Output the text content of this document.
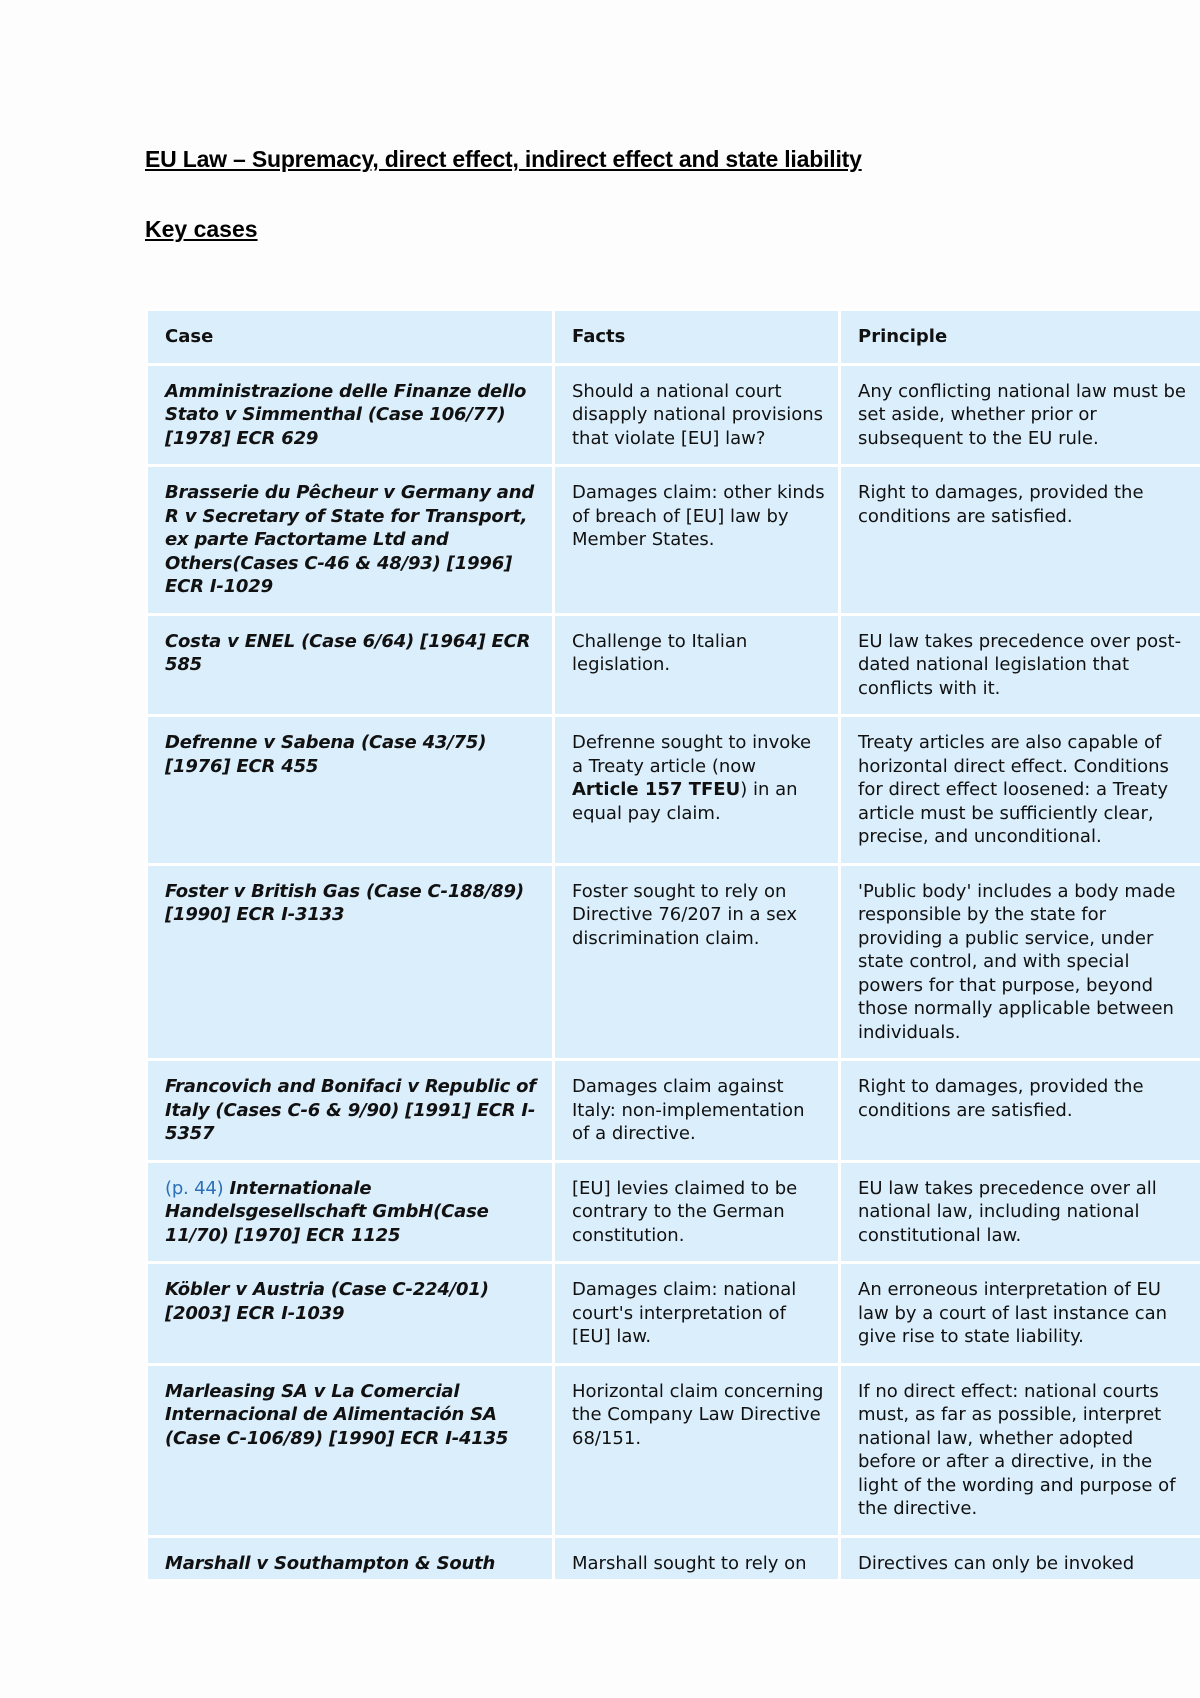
EU Law – Supremacy, direct effect, indirect effect and state liability
Key cases
Case	Facts	Principle
Amministrazione delle Finanze dello Stato v Simmenthal (Case 106/77) [1978] ECR 629	Should a national court disapply national provisions that violate [EU] law?	Any conflicting national law must be set aside, whether prior or subsequent to the EU rule.
Brasserie du Pêcheur v Germany and R v Secretary of State for Transport, ex parte Factortame Ltd and Others(Cases C-46 & 48/93) [1996] ECR I-1029	Damages claim: other kinds of breach of [EU] law by Member States.	Right to damages, provided the conditions are satisfied.
Costa v ENEL (Case 6/64) [1964] ECR 585	Challenge to Italian legislation.	EU law takes precedence over post-dated national legislation that conflicts with it.
Defrenne v Sabena (Case 43/75) [1976] ECR 455	Defrenne sought to invoke a Treaty article (now Article 157 TFEU) in an equal pay claim.	Treaty articles are also capable of horizontal direct effect. Conditions for direct effect loosened: a Treaty article must be sufficiently clear, precise, and unconditional.
Foster v British Gas (Case C-188/89) [1990] ECR I-3133	Foster sought to rely on Directive 76/207 in a sex discrimination claim.	'Public body' includes a body made responsible by the state for providing a public service, under state control, and with special powers for that purpose, beyond those normally applicable between individuals.
Francovich and Bonifaci v Republic of Italy (Cases C-6 & 9/90) [1991] ECR I-5357	Damages claim against Italy: non-implementation of a directive.	Right to damages, provided the conditions are satisfied.
(p. 44) Internationale Handelsgesellschaft GmbH(Case 11/70) [1970] ECR 1125	[EU] levies claimed to be contrary to the German constitution.	EU law takes precedence over all national law, including national constitutional law.
Köbler v Austria (Case C-224/01) [2003] ECR I-1039	Damages claim: national court's interpretation of [EU] law.	An erroneous interpretation of EU law by a court of last instance can give rise to state liability.
Marleasing SA v La Comercial Internacional de Alimentación SA (Case C-106/89) [1990] ECR I-4135	Horizontal claim concerning the Company Law Directive 68/151.	If no direct effect: national courts must, as far as possible, interpret national law, whether adopted before or after a directive, in the light of the wording and purpose of the directive.
Marshall v Southampton & South	Marshall sought to rely on	Directives can only be invoked
